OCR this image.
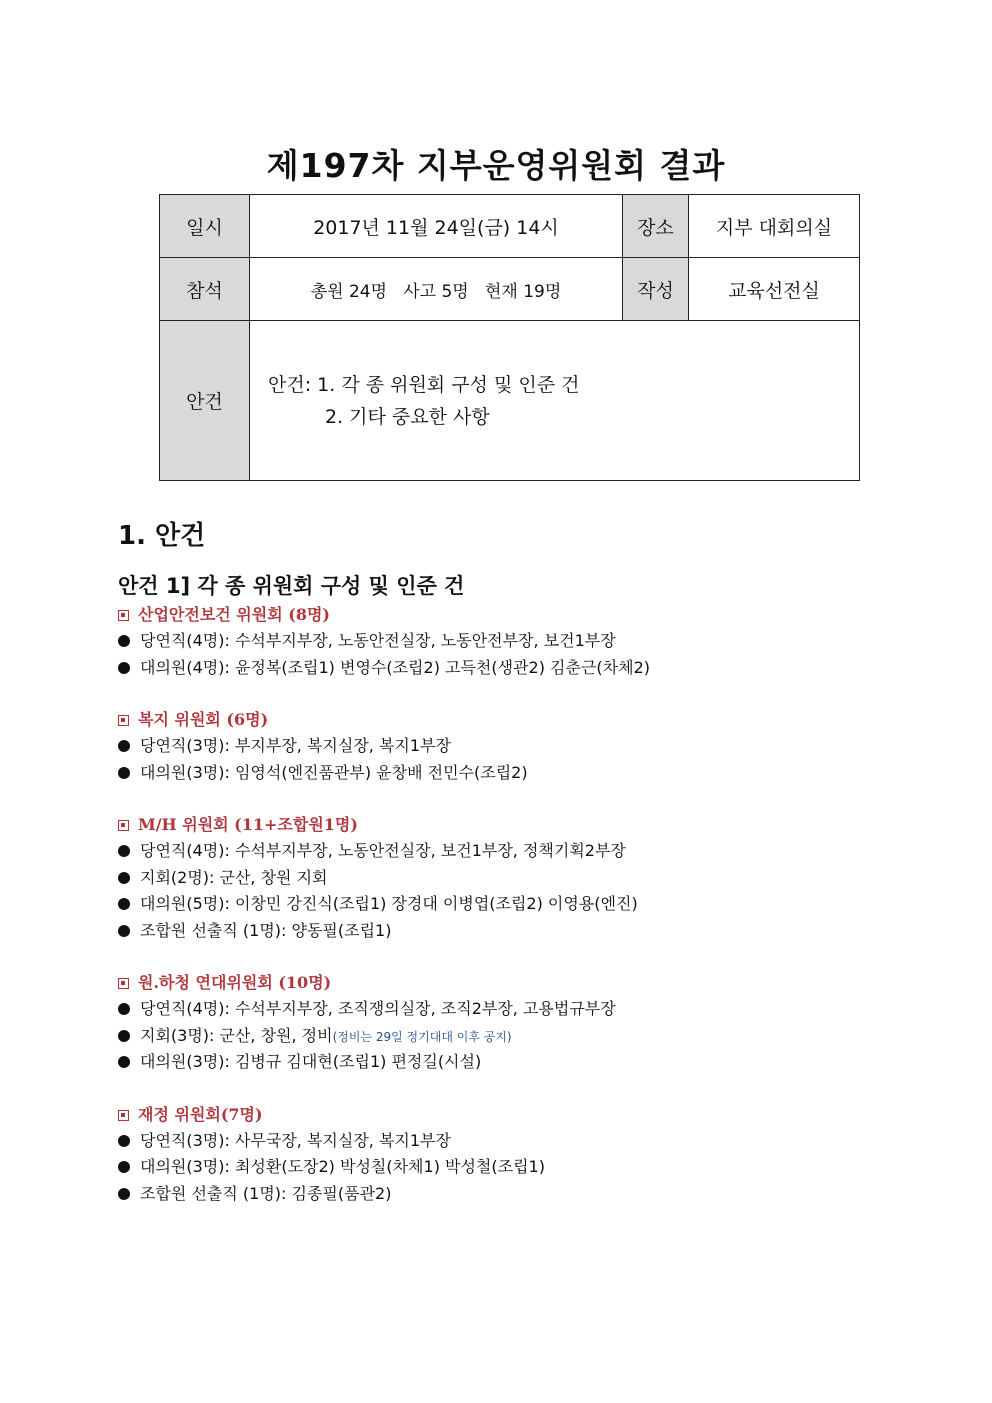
제197차 지부운영위원회 결과
일시	2017년 11월 24일(금) 14시	장소	지부 대회의실
참석	총원 24명   사고 5명   현재 19명	작성	교육선전실
안건	안건: 1. 각 종 위원회 구성 및 인준 건
2. 기타 중요한 사항		
1. 안건
안건 1] 각 종 위원회 구성 및 인준 건
산업안전보건 위원회 (8명)
당연직(4명): 수석부지부장, 노동안전실장, 노동안전부장, 보건1부장
대의원(4명): 윤정복(조립1) 변영수(조립2) 고득천(생관2) 김춘근(차체2)
복지 위원회 (6명)
당연직(3명): 부지부장, 복지실장, 복지1부장
대의원(3명): 임영석(엔진품관부) 윤창배 전민수(조립2)
M/H 위원회 (11+조합원1명)
당연직(4명): 수석부지부장, 노동안전실장, 보건1부장, 정책기획2부장
지회(2명): 군산, 창원 지회
대의원(5명): 이창민 강진식(조립1) 장경대 이병엽(조립2) 이영용(엔진)
조합원 선출직 (1명): 양동필(조립1)
원.하청 연대위원회 (10명)
당연직(4명): 수석부지부장, 조직쟁의실장, 조직2부장, 고용법규부장
지회(3명): 군산, 창원, 정비(정비는 29일 정기대대 이후 공지)
대의원(3명): 김병규 김대현(조립1) 편정길(시설)
재정 위원회(7명)
당연직(3명): 사무국장, 복지실장, 복지1부장
대의원(3명): 최성환(도장2) 박성칠(차체1) 박성철(조립1)
조합원 선출직 (1명): 김종필(품관2)
